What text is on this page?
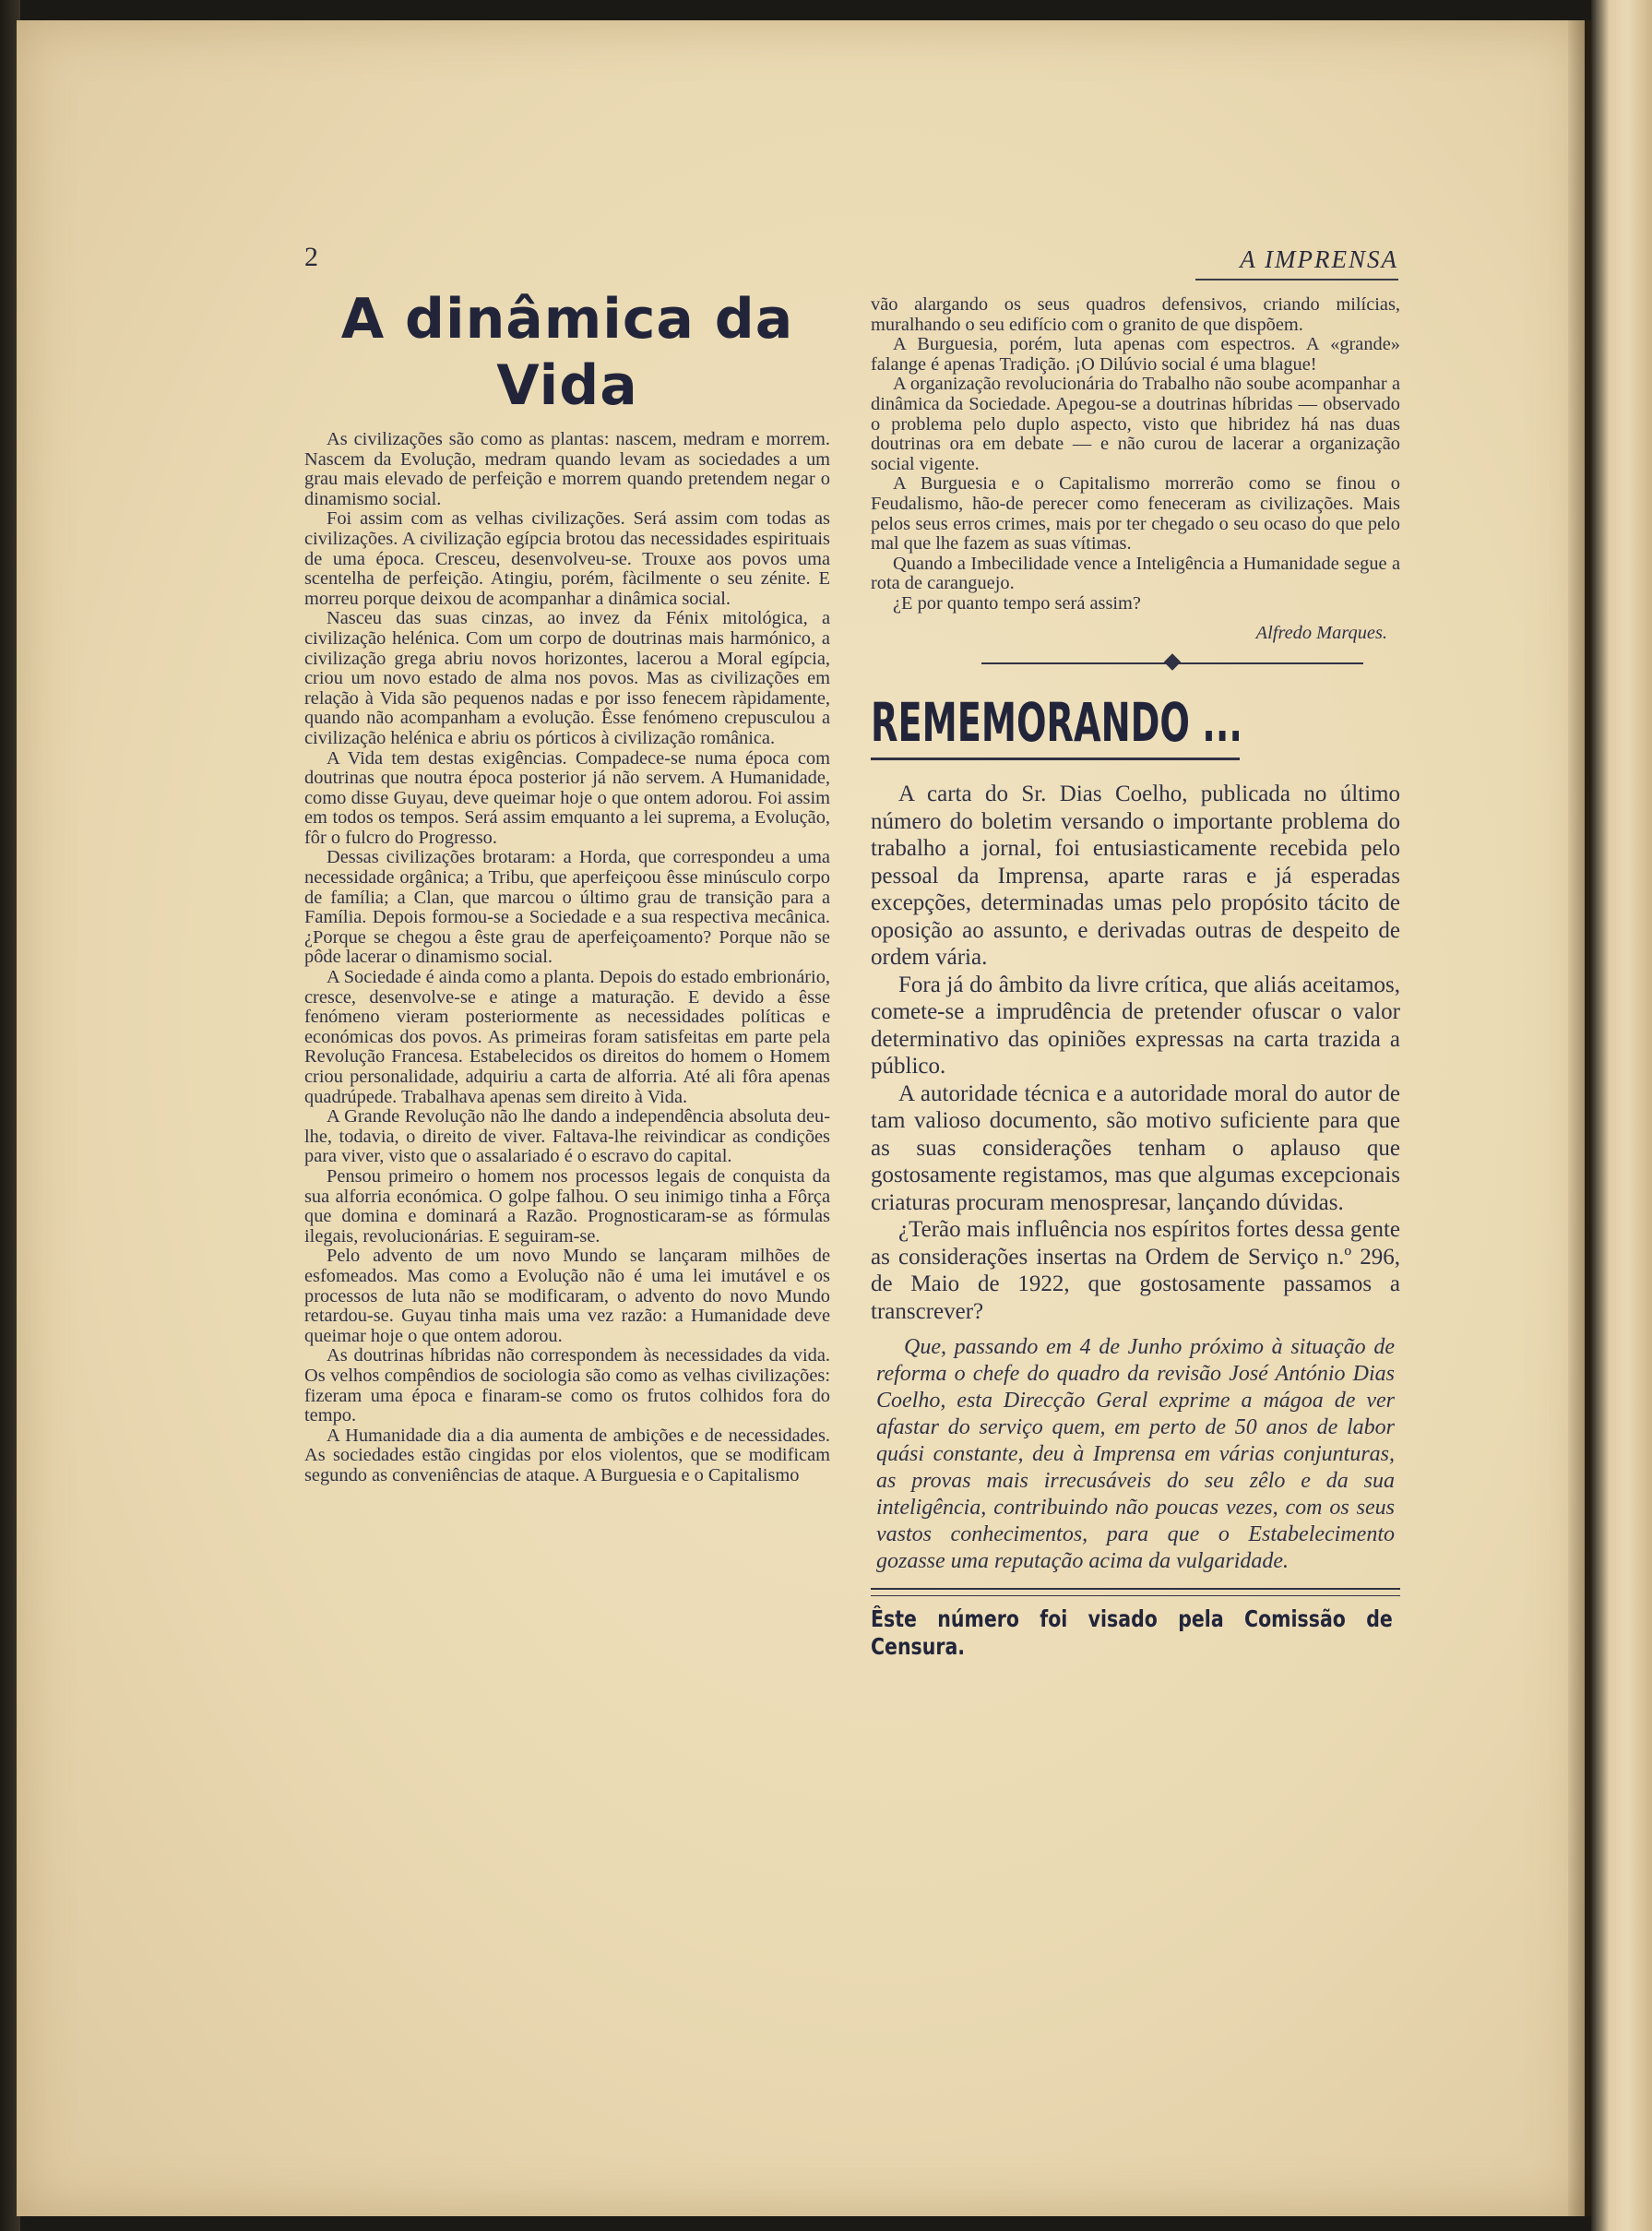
2	A IMPRENSA
A dinâmica da Vida

As civilizações são como as plantas: nascem, medram e morrem. Nascem da Evolução, medram quando levam as sociedades a um grau mais elevado de perfeição e morrem quando pretendem negar o dinamismo social.

Foi assim com as velhas civilizações. Será assim com todas as civilizações. A civilização egípcia brotou das necessidades espirituais de uma época. Cresceu, desenvolveu-se. Trouxe aos povos uma scentelha de perfeição. Atingiu, porém, fàcilmente o seu zénite. E morreu porque deixou de acompanhar a dinâmica social.

Nasceu das suas cinzas, ao invez da Fénix mitológica, a civilização helénica. Com um corpo de doutrinas mais harmónico, a civilização grega abriu novos horizontes, lacerou a Moral egípcia, criou um novo estado de alma nos povos. Mas as civilizações em relação à Vida são pequenos nadas e por isso fenecem ràpidamente, quando não acompanham a evolução. Êsse fenómeno crepusculou a civilização helénica e abriu os pórticos à civilização românica.

A Vida tem destas exigências. Compadece-se numa época com doutrinas que noutra época posterior já não servem. A Humanidade, como disse Guyau, deve queimar hoje o que ontem adorou. Foi assim em todos os tempos. Será assim emquanto a lei suprema, a Evolução, fôr o fulcro do Progresso.

Dessas civilizações brotaram: a Horda, que correspondeu a uma necessidade orgânica; a Tribu, que aperfeiçoou êsse minúsculo corpo de família; a Clan, que marcou o último grau de transição para a Família. Depois formou-se a Sociedade e a sua respectiva mecânica. ¿Porque se chegou a êste grau de aperfeiçoamento? Porque não se pôde lacerar o dinamismo social.

A Sociedade é ainda como a planta. Depois do estado embrionário, cresce, desenvolve-se e atinge a maturação. E devido a êsse fenómeno vieram posteriormente as necessidades políticas e económicas dos povos. As primeiras foram satisfeitas em parte pela Revolução Francesa. Estabelecidos os direitos do homem o Homem criou personalidade, adquiriu a carta de alforria. Até ali fôra apenas quadrúpede. Trabalhava apenas sem direito à Vida.

A Grande Revolução não lhe dando a independência absoluta deu-lhe, todavia, o direito de viver. Faltava-lhe reivindicar as condições para viver, visto que o assalariado é o escravo do capital.

Pensou primeiro o homem nos processos legais de conquista da sua alforria económica. O golpe falhou. O seu inimigo tinha a Fôrça que domina e dominará a Razão. Prognosticaram-se as fórmulas ilegais, revolucionárias. E seguiram-se.

Pelo advento de um novo Mundo se lançaram milhões de esfomeados. Mas como a Evolução não é uma lei imutável e os processos de luta não se modificaram, o advento do novo Mundo retardou-se. Guyau tinha mais uma vez razão: a Humanidade deve queimar hoje o que ontem adorou.

As doutrinas híbridas não correspondem às necessidades da vida. Os velhos compêndios de sociologia são como as velhas civilizações: fizeram uma época e finaram-se como os frutos colhidos fora do tempo.

A Humanidade dia a dia aumenta de ambições e de necessidades. As sociedades estão cingidas por elos violentos, que se modificam segundo as conveniências de ataque. A Burguesia e o Capitalismo

vão alargando os seus quadros defensivos, criando milícias, muralhando o seu edifício com o granito de que dispõem.

A Burguesia, porém, luta apenas com espectros. A «grande» falange é apenas Tradição. ¡O Dilúvio social é uma blague!

A organização revolucionária do Trabalho não soube acompanhar a dinâmica da Sociedade. Apegou-se a doutrinas híbridas — observado o problema pelo duplo aspecto, visto que hibridez há nas duas doutrinas ora em debate — e não curou de lacerar a organização social vigente.

A Burguesia e o Capitalismo morrerão como se finou o Feudalismo, hão-de perecer como feneceram as civilizações. Mais pelos seus erros crimes, mais por ter chegado o seu ocaso do que pelo mal que lhe fazem as suas vítimas.

Quando a Imbecilidade vence a Inteligência a Humanidade segue a rota de caranguejo.

¿E por quanto tempo será assim?

Alfredo Marques.
REMEMORANDO ...

A carta do Sr. Dias Coelho, publicada no último número do boletim versando o importante problema do trabalho a jornal, foi entusiasticamente recebida pelo pessoal da Imprensa, aparte raras e já esperadas excepções, determinadas umas pelo propósito tácito de oposição ao assunto, e derivadas outras de despeito de ordem vária.

Fora já do âmbito da livre crítica, que aliás aceitamos, comete-se a imprudência de pretender ofuscar o valor determinativo das opiniões expressas na carta trazida a público.

A autoridade técnica e a autoridade moral do autor de tam valioso documento, são motivo suficiente para que as suas considerações tenham o aplauso que gostosamente registamos, mas que algumas excepcionais criaturas procuram menospresar, lançando dúvidas.

¿Terão mais influência nos espíritos fortes dessa gente as considerações insertas na Ordem de Serviço n.º 296, de Maio de 1922, que gostosamente passamos a transcrever?

Que, passando em 4 de Junho próximo à situação de reforma o chefe do quadro da revisão José António Dias Coelho, esta Direcção Geral exprime a mágoa de ver afastar do serviço quem, em perto de 50 anos de labor quási constante, deu à Imprensa em várias conjunturas, as provas mais irrecusáveis do seu zêlo e da sua inteligência, contribuindo não poucas vezes, com os seus vastos conhecimentos, para que o Estabelecimento gozasse uma reputação acima da vulgaridade.
Êste número foi visado pela Comissão de Censura.
